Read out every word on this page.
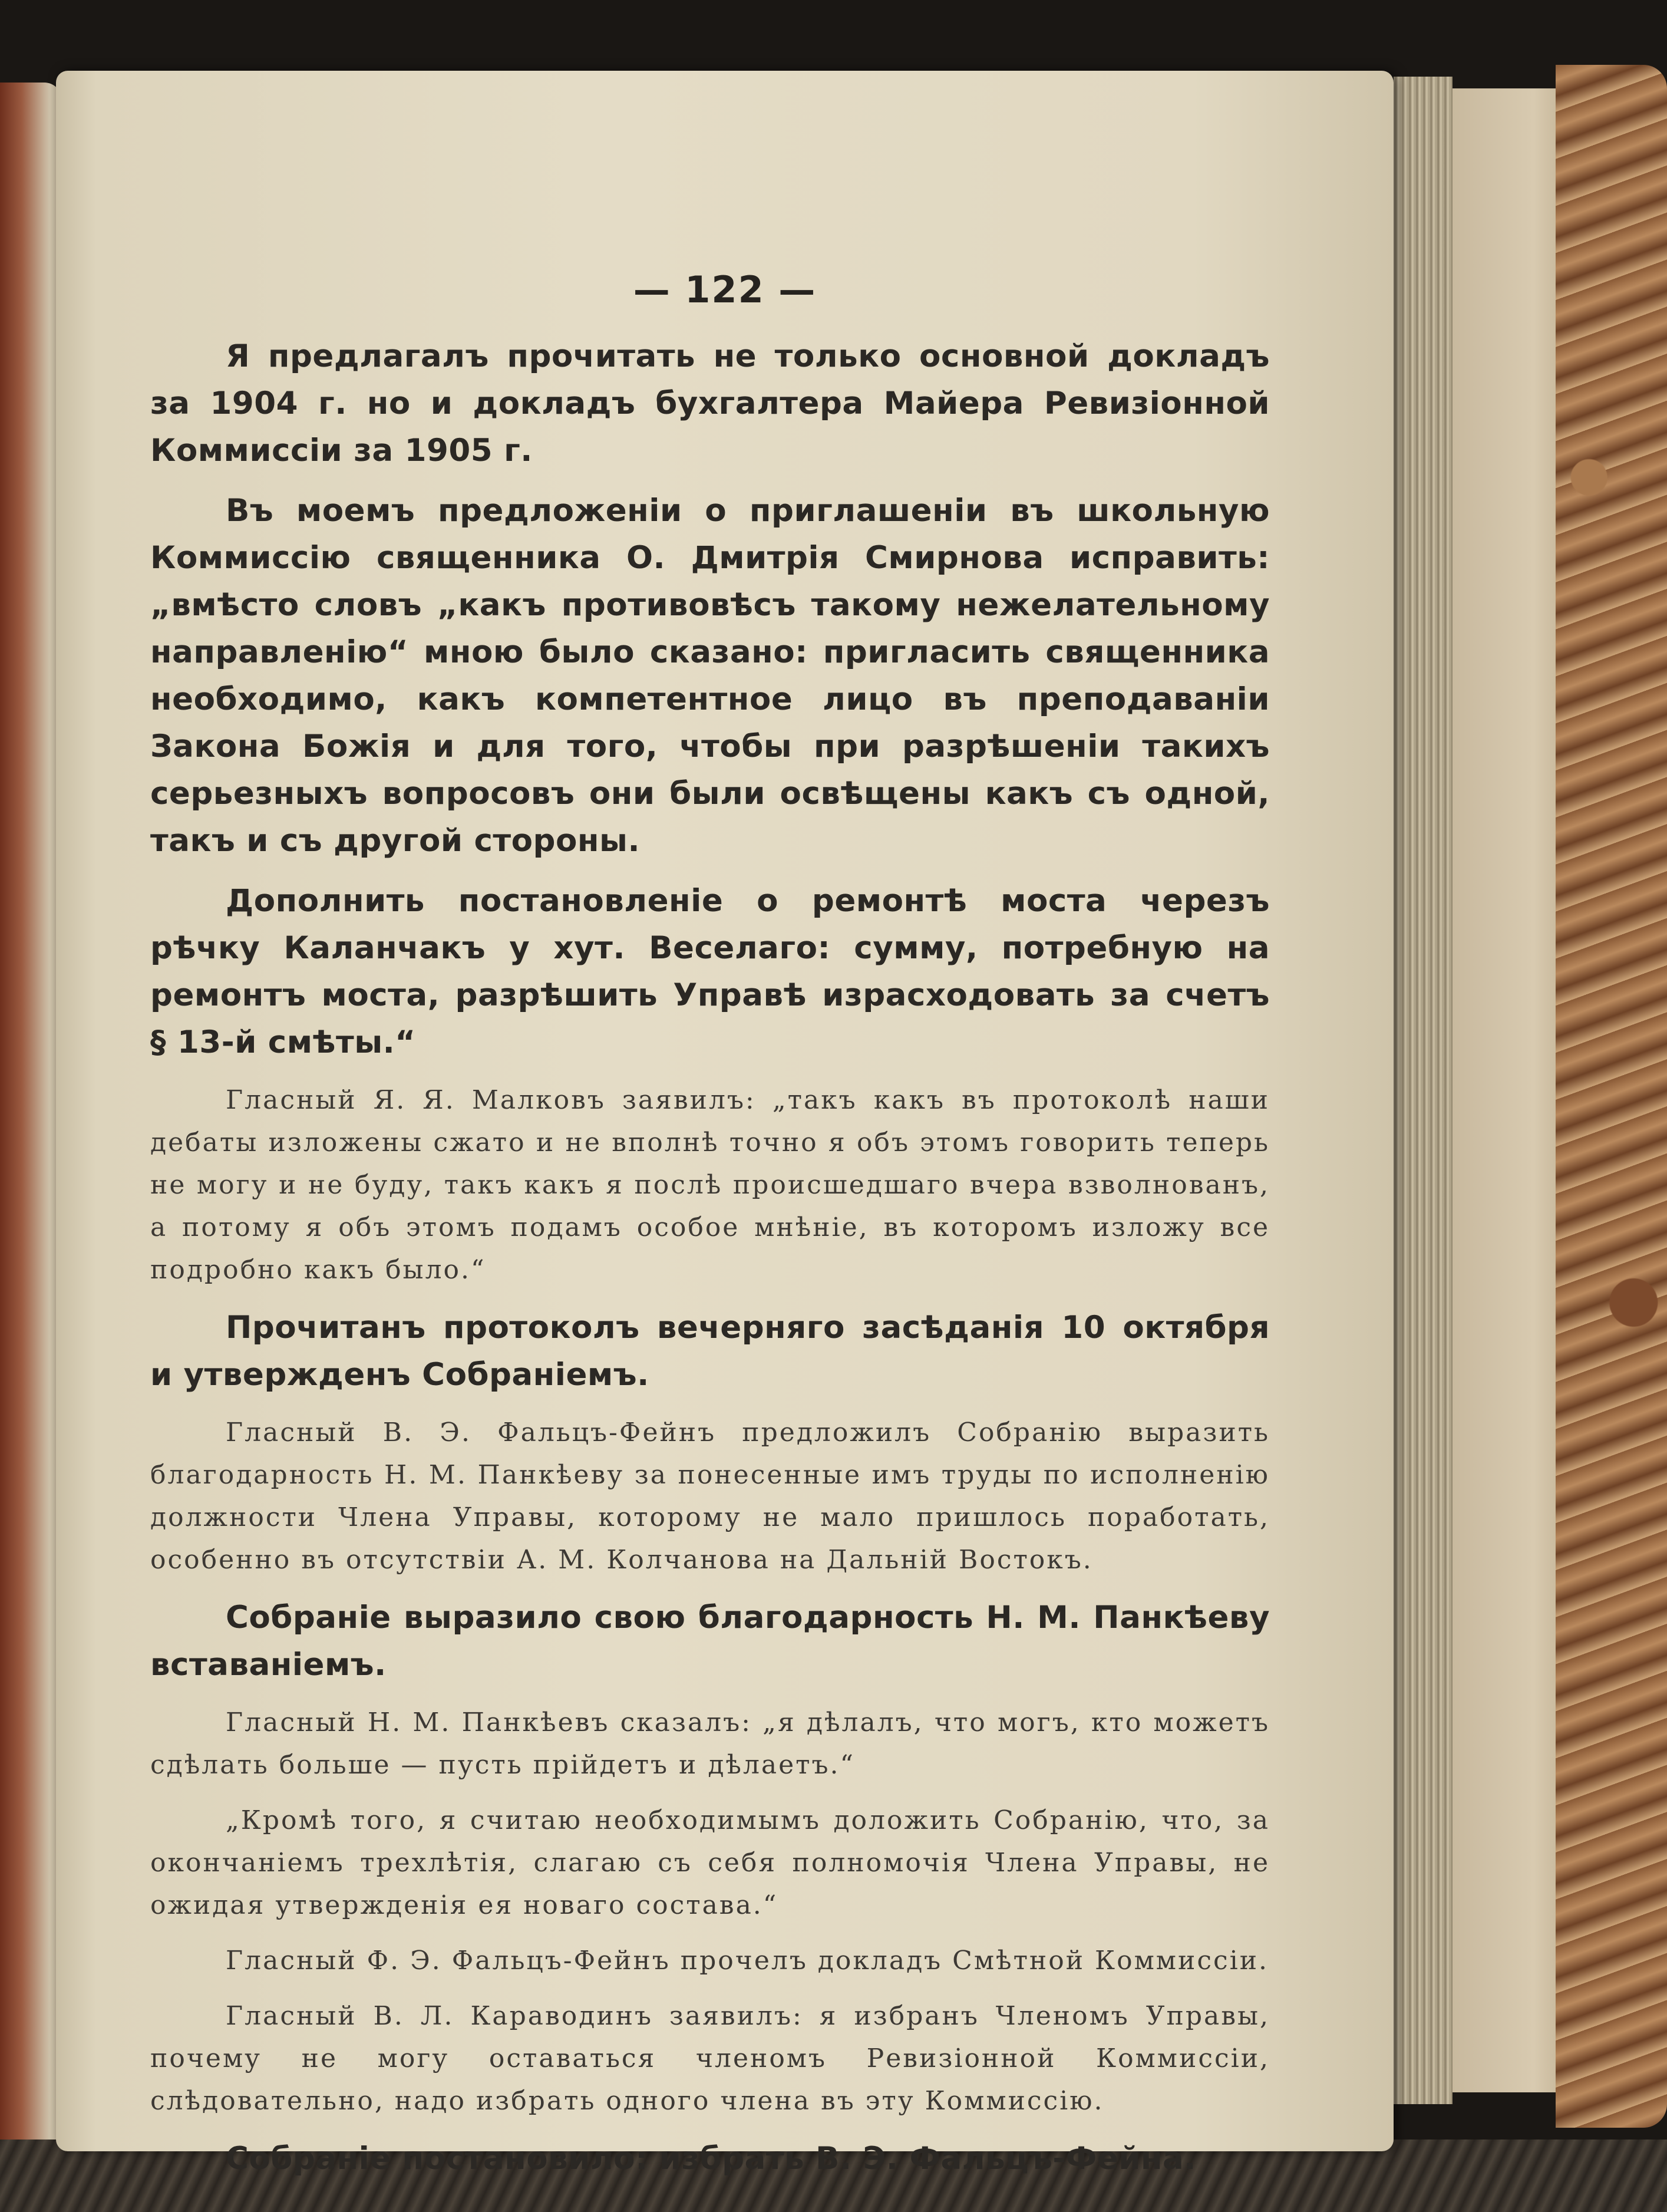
— 122 —

Я предлагалъ прочитать не только основной докладъ за 1904 г. но и докладъ бухгалтера Майера Ревизiонной Коммиссiи за 1905 г.

Въ моемъ предложенiи о приглашенiи въ школьную Коммиссiю священника О. Дмитрiя Смирнова исправить: „вмѣсто словъ „какъ противовѣсъ такому нежелательному направленiю“ мною было сказано: пригласить священника необходимо, какъ компетентное лицо въ преподаванiи Закона Божiя и для того, чтобы при разрѣшенiи такихъ серьезныхъ вопросовъ они были освѣщены какъ съ одной, такъ и съ другой стороны.

Дополнить постановленiе о ремонтѣ моста черезъ рѣчку Каланчакъ у хут. Веселаго: сумму, потребную на ремонтъ моста, разрѣшить Управѣ израсходовать за счетъ § 13-й смѣты.“

Гласный Я. Я. Малковъ заявилъ: „такъ какъ въ протоколѣ наши дебаты изложены сжато и не вполнѣ точно я объ этомъ говорить теперь не могу и не буду, такъ какъ я послѣ происшедшаго вчера взволнованъ, а потому я объ этомъ подамъ особое мнѣнiе, въ которомъ изложу все подробно какъ было.“

Прочитанъ протоколъ вечерняго засѣданiя 10 октября и утвержденъ Собранiемъ.

Гласный В. Э. Фальцъ-Фейнъ предложилъ Собранiю выразить благодарность Н. М. Панкѣеву за понесенные имъ труды по исполненiю должности Члена Управы, которому не мало пришлось поработать, особенно въ отсутствiи А. М. Колчанова на Дальнiй Востокъ.

Собранiе выразило свою благодарность Н. М. Панкѣеву вставанiемъ.

Гласный Н. М. Панкѣевъ сказалъ: „я дѣлалъ, что могъ, кто можетъ сдѣлать больше — пусть прiйдетъ и дѣлаетъ.“

„Кромѣ того, я считаю необходимымъ доложить Собранiю, что, за окончанiемъ трехлѣтiя, слагаю съ себя полномочiя Члена Управы, не ожидая утвержденiя ея новаго состава.“

Гласный Ф. Э. Фальцъ-Фейнъ прочелъ докладъ Смѣтной Коммиссiи.

Гласный В. Л. Караводинъ заявилъ: я избранъ Членомъ Управы, почему не могу оставаться членомъ Ревизiонной Коммиссiи, слѣдовательно, надо избрать одного члена въ эту Коммиссiю.

Собранiе постановило: избрать В. Э. Фальцъ-Фейна.
